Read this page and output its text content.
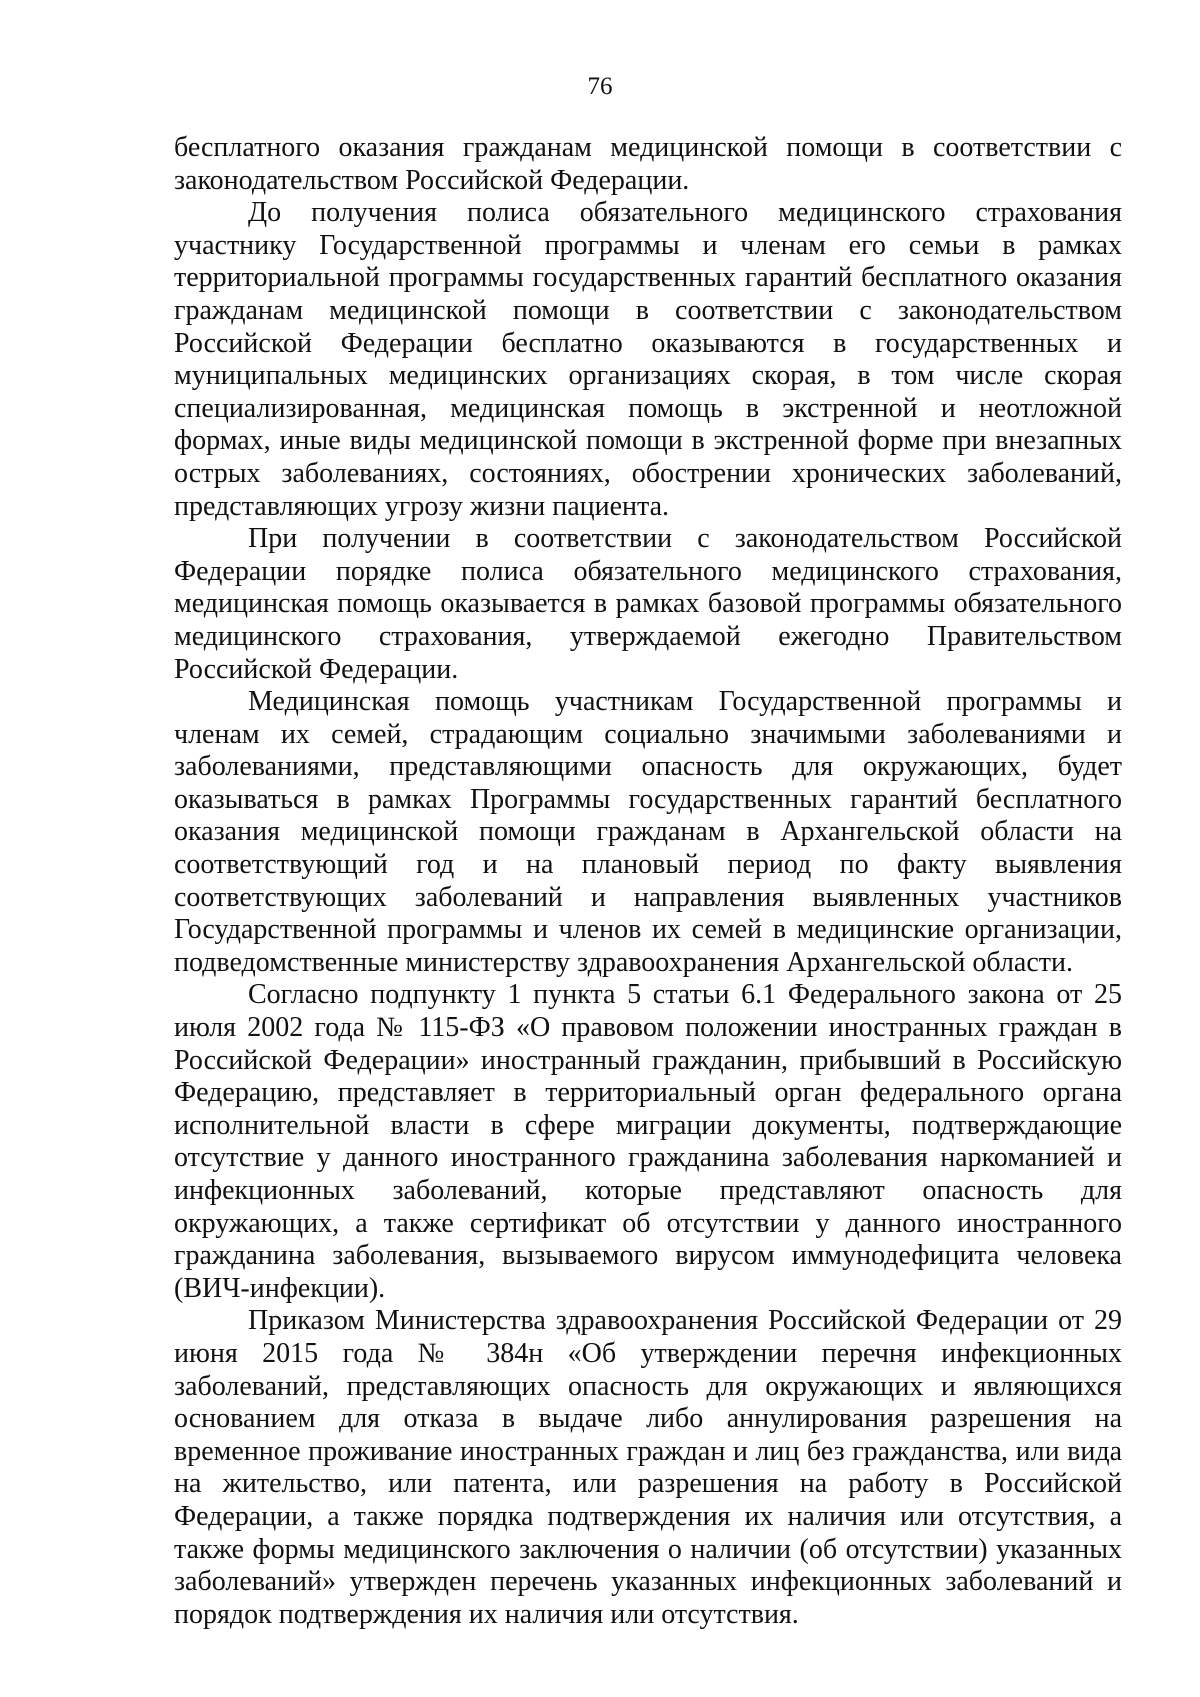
76

бесплатного оказания гражданам медицинской помощи в соответствии с законодательством Российской Федерации.

До получения полиса обязательного медицинского страхования участнику Государственной программы и членам его семьи в рамках территориальной программы государственных гарантий бесплатного оказания гражданам медицинской помощи в соответствии с законодательством Российской Федерации бесплатно оказываются в государственных и муниципальных медицинских организациях скорая, в том числе скорая специализированная, медицинская помощь в экстренной и неотложной формах, иные виды медицинской помощи в экстренной форме при внезапных острых заболеваниях, состояниях, обострении хронических заболеваний, представляющих угрозу жизни пациента.

При получении в соответствии с законодательством Российской Федерации порядке полиса обязательного медицинского страхования, медицинская помощь оказывается в рамках базовой программы обязательного медицинского страхования, утверждаемой ежегодно Правительством Российской Федерации.

Медицинская помощь участникам Государственной программы и членам их семей, страдающим социально значимыми заболеваниями и заболеваниями, представляющими опасность для окружающих, будет оказываться в рамках Программы государственных гарантий бесплатного оказания медицинской помощи гражданам в Архангельской области на соответствующий год и на плановый период по факту выявления соответствующих заболеваний и направления выявленных участников Государственной программы и членов их семей в медицинские организации, подведомственные министерству здравоохранения Архангельской области.

Согласно подпункту 1 пункта 5 статьи 6.1 Федерального закона от 25 июля 2002 года № 115-ФЗ «О правовом положении иностранных граждан в Российской Федерации» иностранный гражданин, прибывший в Российскую Федерацию, представляет в территориальный орган федерального органа исполнительной власти в сфере миграции документы, подтверждающие отсутствие у данного иностранного гражданина заболевания наркоманией и инфекционных заболеваний, которые представляют опасность для окружающих, а также сертификат об отсутствии у данного иностранного гражданина заболевания, вызываемого вирусом иммунодефицита человека (ВИЧ-инфекции).

Приказом Министерства здравоохранения Российской Федерации от 29 июня 2015 года № 384н «Об утверждении перечня инфекционных заболеваний, представляющих опасность для окружающих и являющихся основанием для отказа в выдаче либо аннулирования разрешения на временное проживание иностранных граждан и лиц без гражданства, или вида на жительство, или патента, или разрешения на работу в Российской Федерации, а также порядка подтверждения их наличия или отсутствия, а также формы медицинского заключения о наличии (об отсутствии) указанных заболеваний» утвержден перечень указанных инфекционных заболеваний и порядок подтверждения их наличия или отсутствия.
